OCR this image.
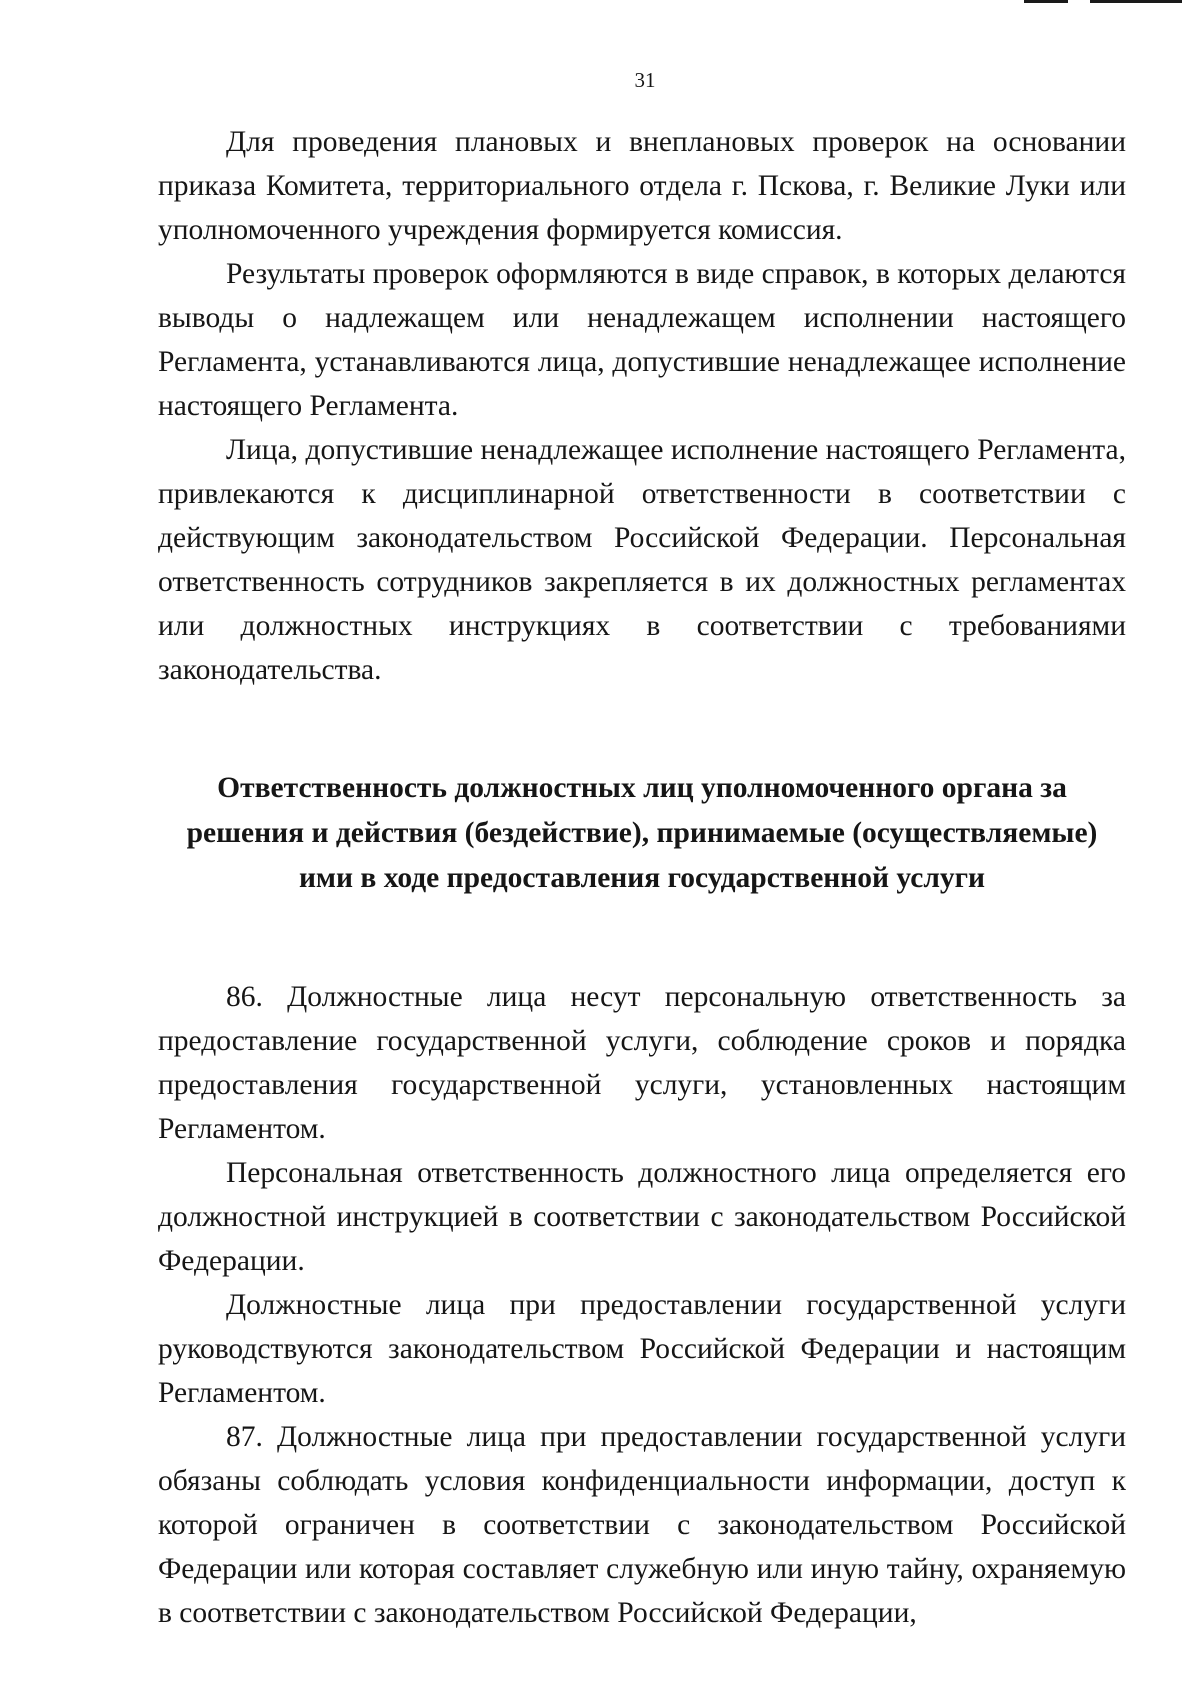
31

Для проведения плановых и внеплановых проверок на основании приказа Комитета, территориального отдела г. Пскова, г. Великие Луки или уполномоченного учреждения формируется комиссия.

Результаты проверок оформляются в виде справок, в которых делаются выводы о надлежащем или ненадлежащем исполнении настоящего Регламента, устанавливаются лица, допустившие ненадлежащее исполнение настоящего Регламента.

Лица, допустившие ненадлежащее исполнение настоящего Регламента, привлекаются к дисциплинарной ответственности в соответствии с действующим законодательством Российской Федерации. Персональная ответственность сотрудников закрепляется в их должностных регламентах или должностных инструкциях в соответствии с требованиями законодательства.

Ответственность должностных лиц уполномоченного органа за
решения и действия (бездействие), принимаемые (осуществляемые)
ими в ходе предоставления государственной услуги

86. Должностные лица несут персональную ответственность за предоставление государственной услуги, соблюдение сроков и порядка предоставления государственной услуги, установленных настоящим Регламентом.

Персональная ответственность должностного лица определяется его должностной инструкцией в соответствии с законодательством Российской Федерации.

Должностные лица при предоставлении государственной услуги руководствуются законодательством Российской Федерации и настоящим Регламентом.

87. Должностные лица при предоставлении государственной услуги обязаны соблюдать условия конфиденциальности информации, доступ к которой ограничен в соответствии с законодательством Российской Федерации или которая составляет служебную или иную тайну, охраняемую в соответствии с законодательством Российской Федерации,
